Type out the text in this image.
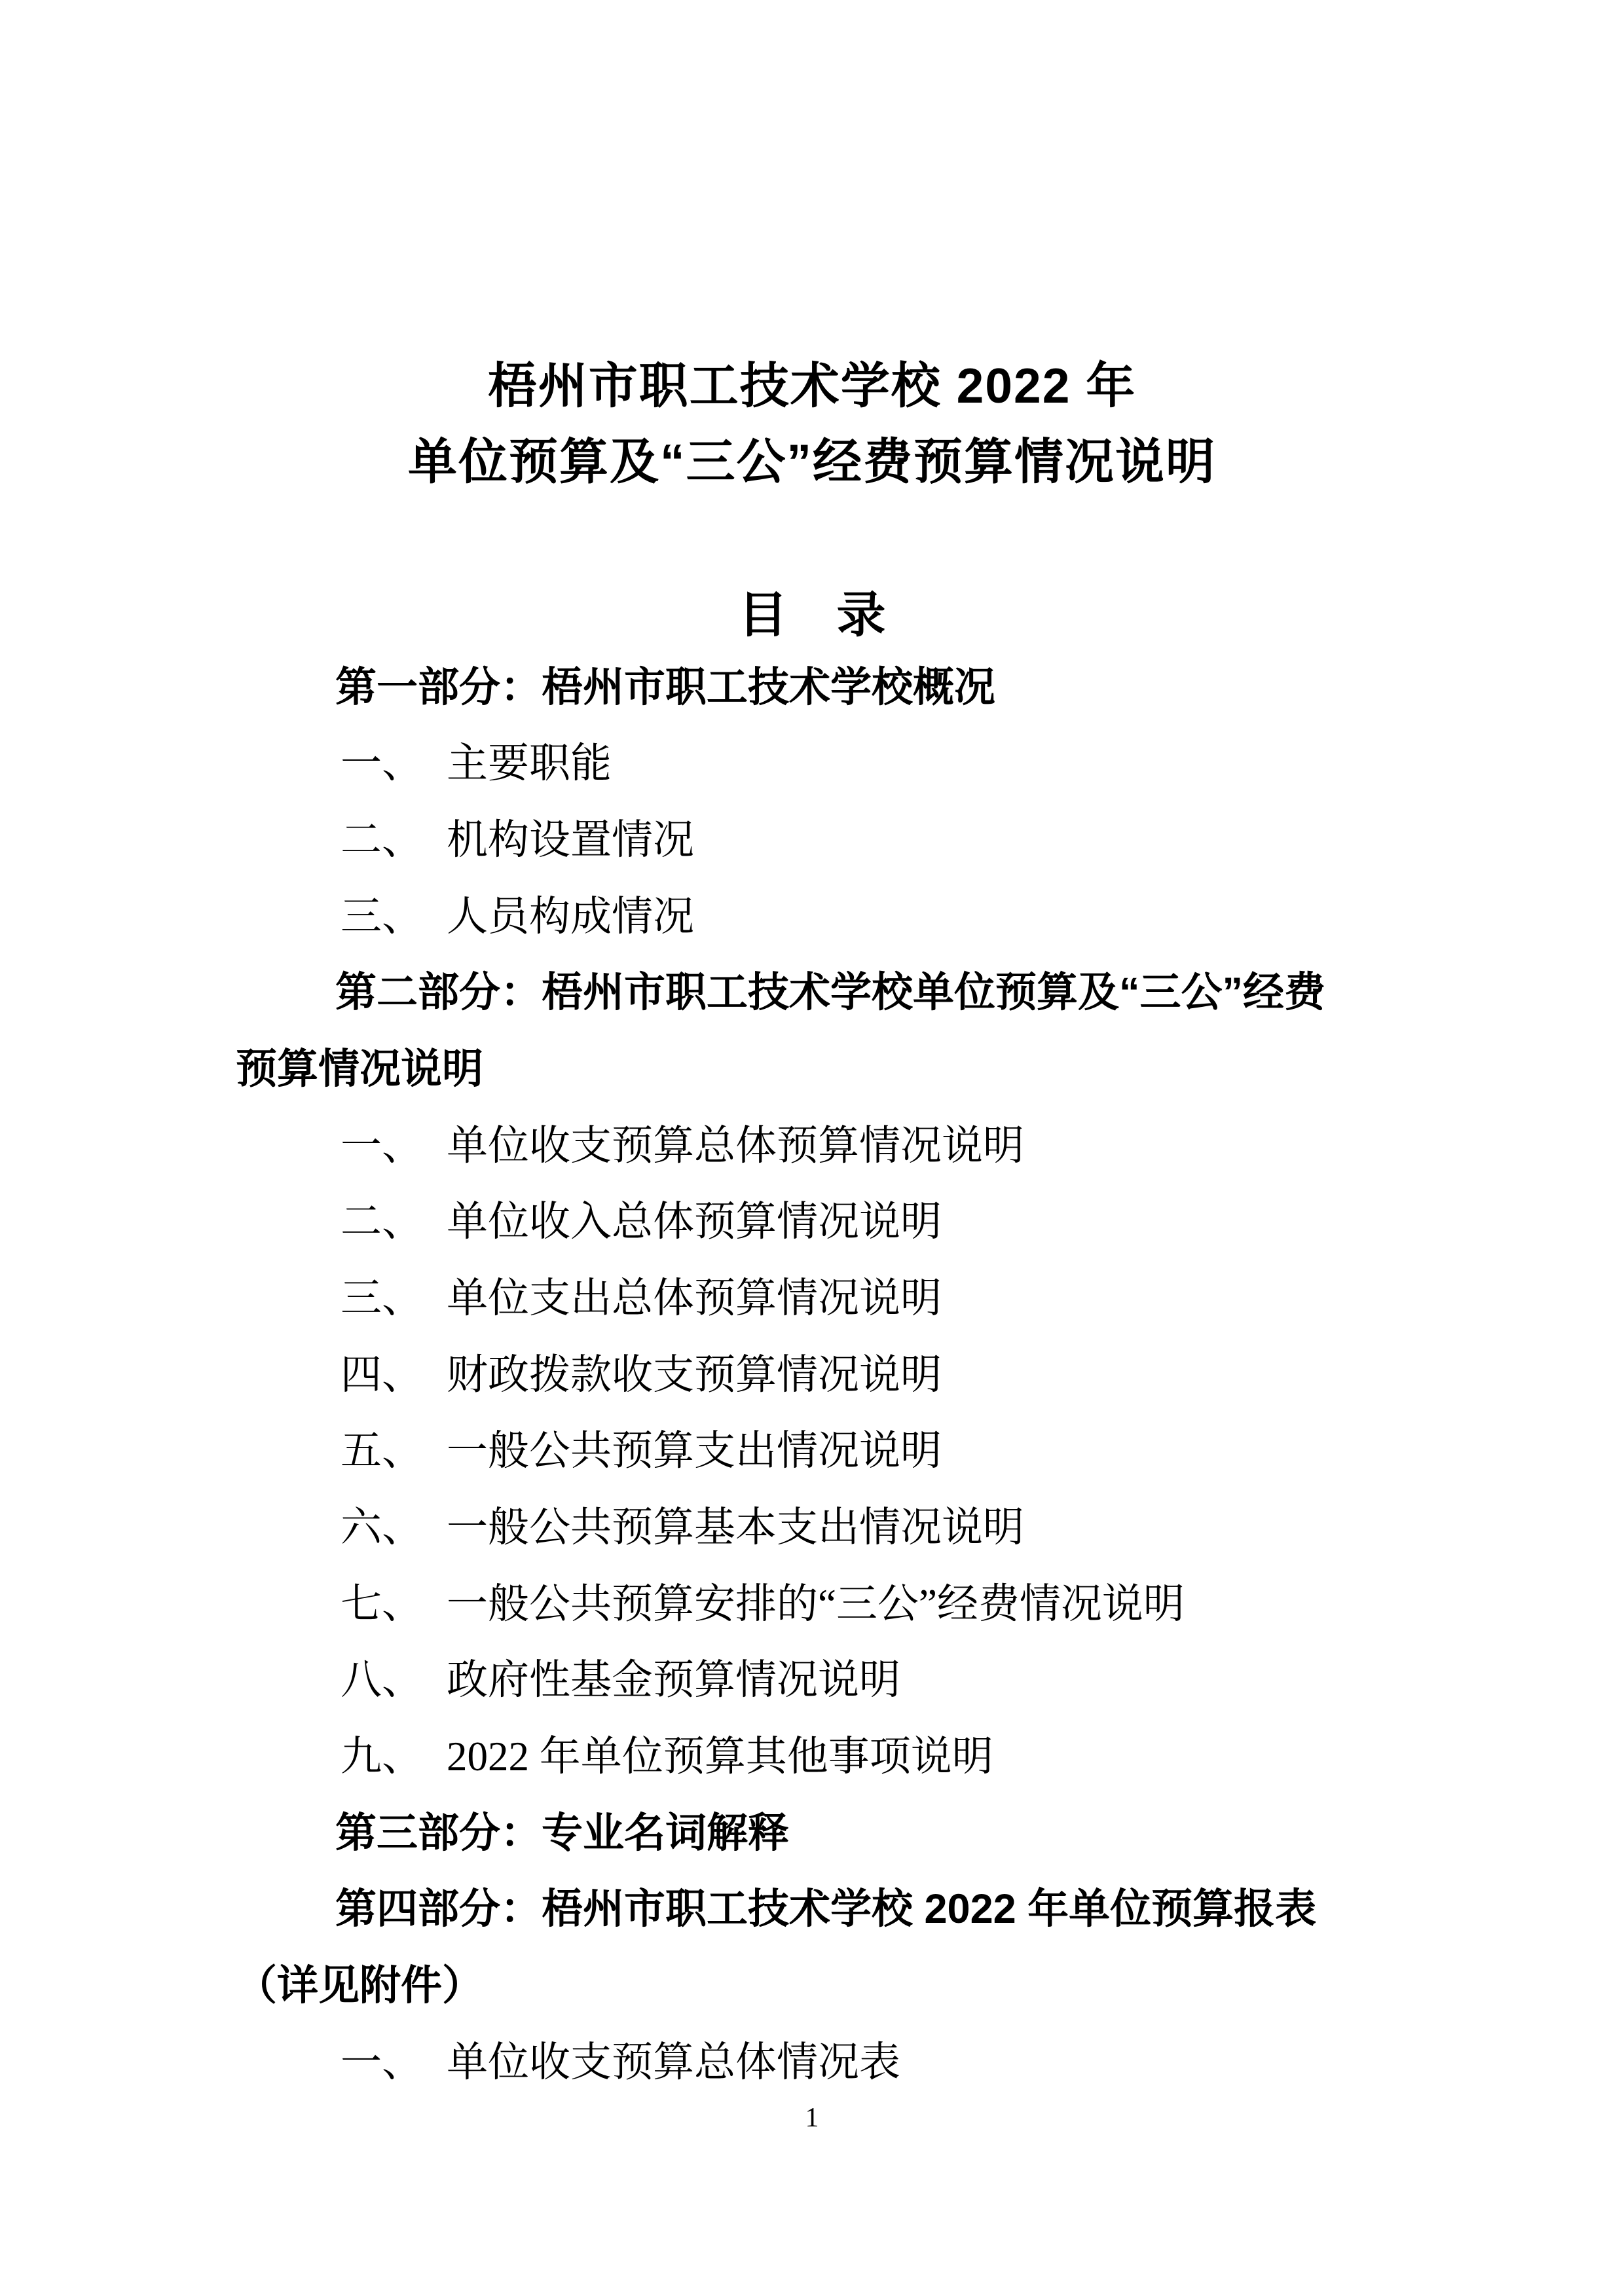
梧州市职工技术学校 2022 年
单位预算及“三公”经费预算情况说明
目　录
第一部分：梧州市职工技术学校概况
一、 主要职能
二、 机构设置情况
三、 人员构成情况
第二部分：梧州市职工技术学校单位预算及“三公”经费
预算情况说明
一、 单位收支预算总体预算情况说明
二、 单位收入总体预算情况说明
三、 单位支出总体预算情况说明
四、 财政拨款收支预算情况说明
五、 一般公共预算支出情况说明
六、 一般公共预算基本支出情况说明
七、 一般公共预算安排的“三公”经费情况说明
八、 政府性基金预算情况说明
九、 2022 年单位预算其他事项说明
第三部分：专业名词解释
第四部分：梧州市职工技术学校 2022 年单位预算报表
（详见附件）
一、 单位收支预算总体情况表
1
